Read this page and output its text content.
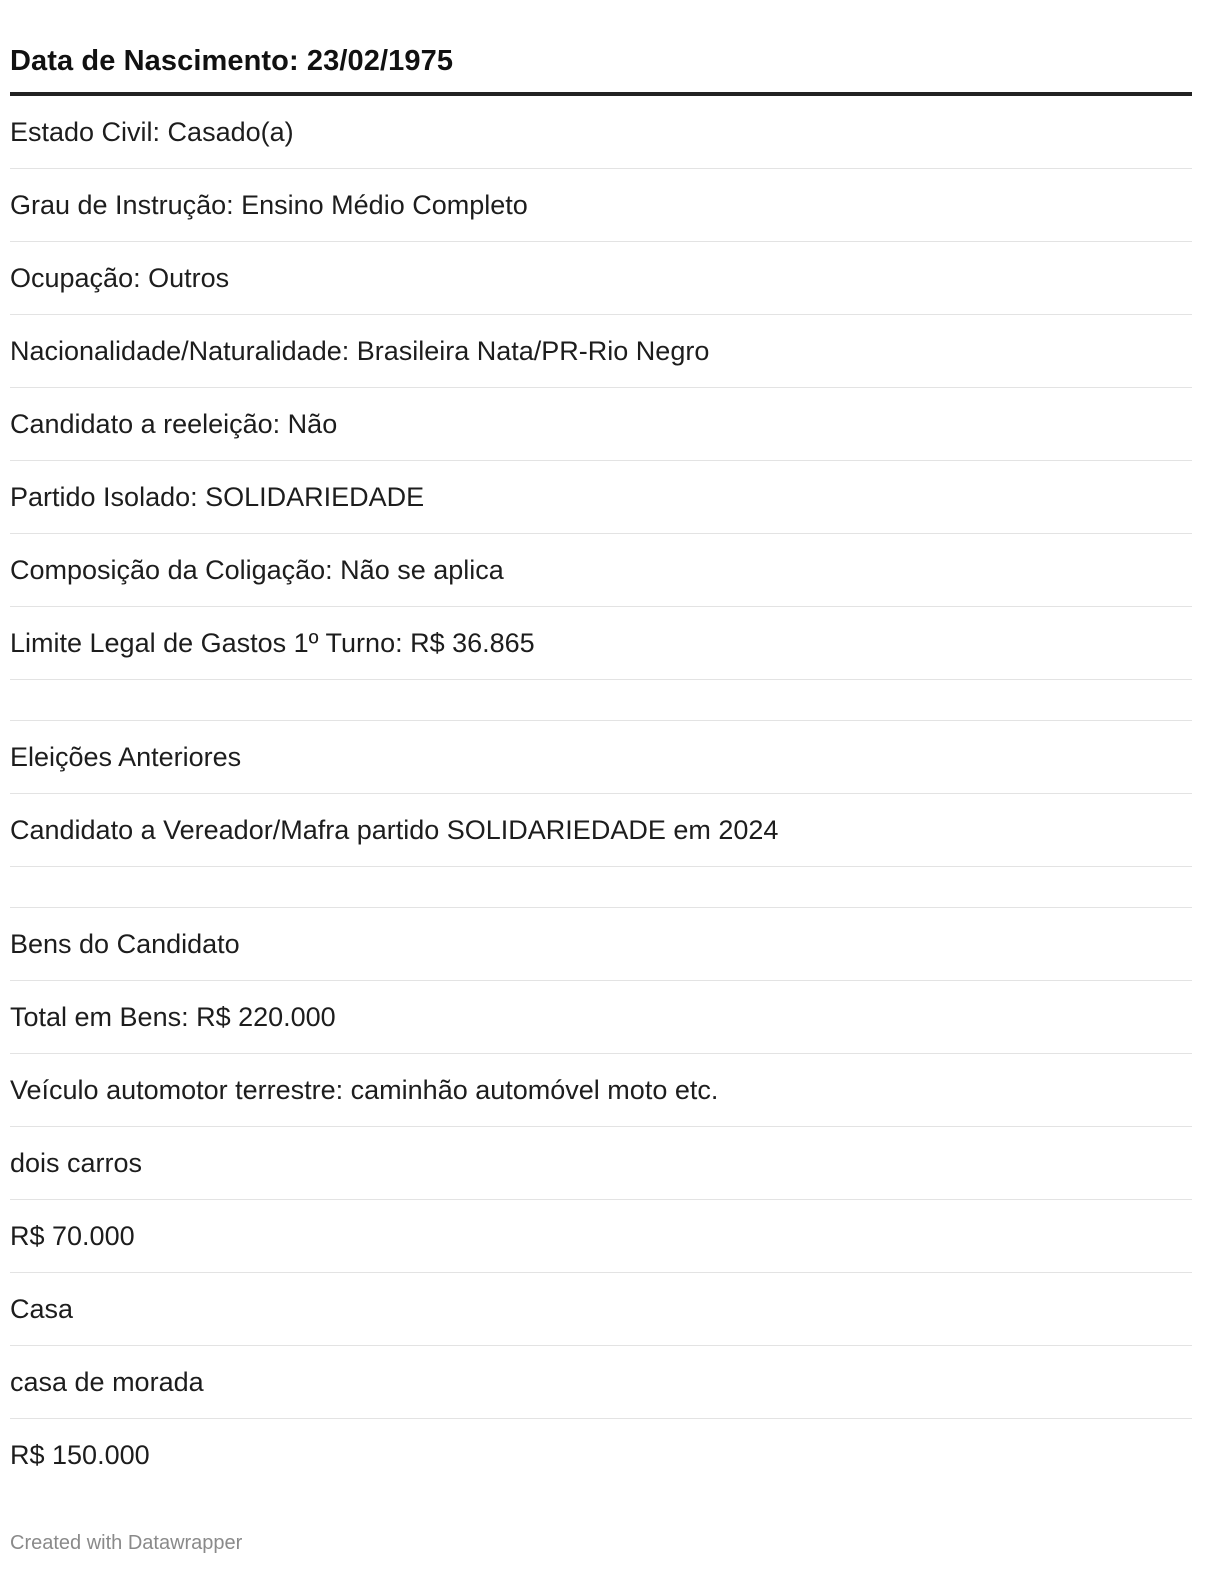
Data de Nascimento: 23/02/1975
Estado Civil: Casado(a)
Grau de Instrução: Ensino Médio Completo
Ocupação: Outros
Nacionalidade/Naturalidade: Brasileira Nata/PR-Rio Negro
Candidato a reeleição: Não
Partido Isolado: SOLIDARIEDADE
Composição da Coligação: Não se aplica
Limite Legal de Gastos 1º Turno: R$ 36.865
Eleições Anteriores
Candidato a Vereador/Mafra partido SOLIDARIEDADE em 2024
Bens do Candidato
Total em Bens: R$ 220.000
Veículo automotor terrestre: caminhão automóvel moto etc.
dois carros
R$ 70.000
Casa
casa de morada
R$ 150.000
Created with Datawrapper
